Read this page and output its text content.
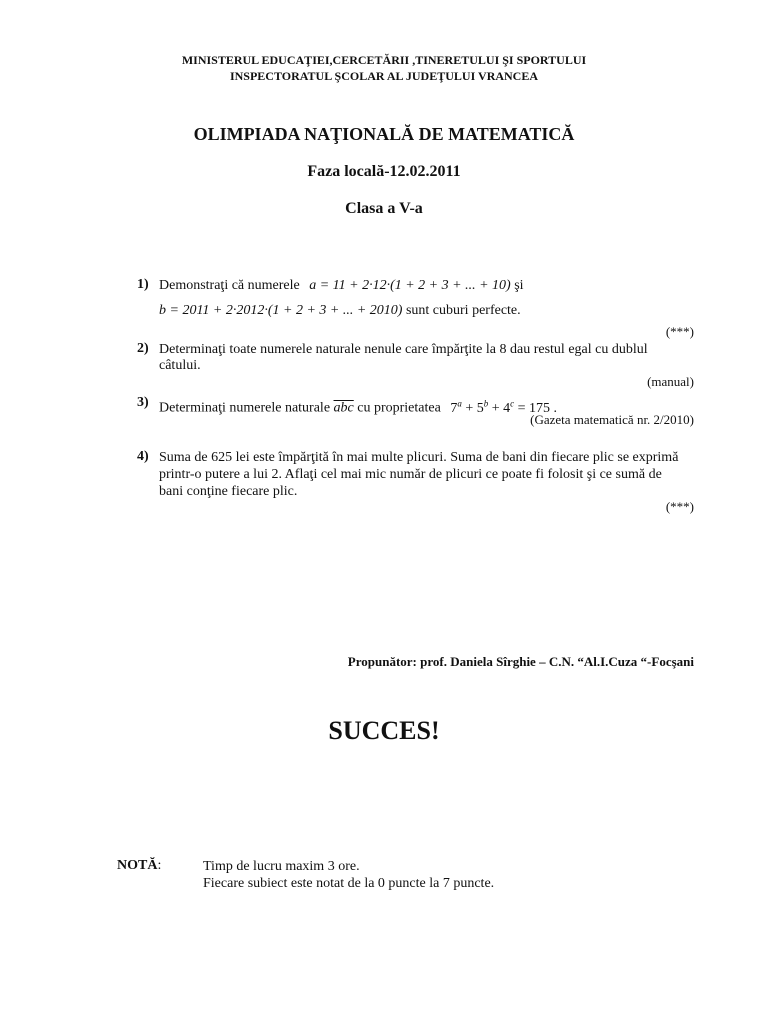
MINISTERUL EDUCAŢIEI,CERCETĂRII ,TINERETULUI ŞI SPORTULUI
INSPECTORATUL ŞCOLAR AL JUDEŢULUI VRANCEA
OLIMPIADA NAŢIONALĂ DE MATEMATICĂ
Faza locală-12.02.2011
Clasa a V-a
1) Demonstraţi că numerele a = 11 + 2·12·(1 + 2 + 3 + ... + 10) şi
b = 2011 + 2·2012·(1 + 2 + 3 + ... + 2010) sunt cuburi perfecte.
(***)
2) Determinaţi toate numerele naturale nenule care împărţite la 8 dau restul egal cu dublul
câtului.
(manual)
3) Determinaţi numerele naturale $\overline{abc}$ cu proprietatea $7^a + 5^b + 4^c = 175$ .
(Gazeta matematică nr. 2/2010)
4) Suma de 625 lei este împărţită în mai multe plicuri. Suma de bani din fiecare plic se exprimă
printr-o putere a lui 2. Aflaţi cel mai mic număr de plicuri ce poate fi folosit şi ce sumă de
bani conţine fiecare plic.
(***)
Propunător: prof. Daniela Sîrghie – C.N. “Al.I.Cuza “-Focşani
SUCCES!
NOTĂ:	Timp de lucru maxim 3 ore.
Fiecare subiect este notat de la 0 puncte la 7 puncte.
